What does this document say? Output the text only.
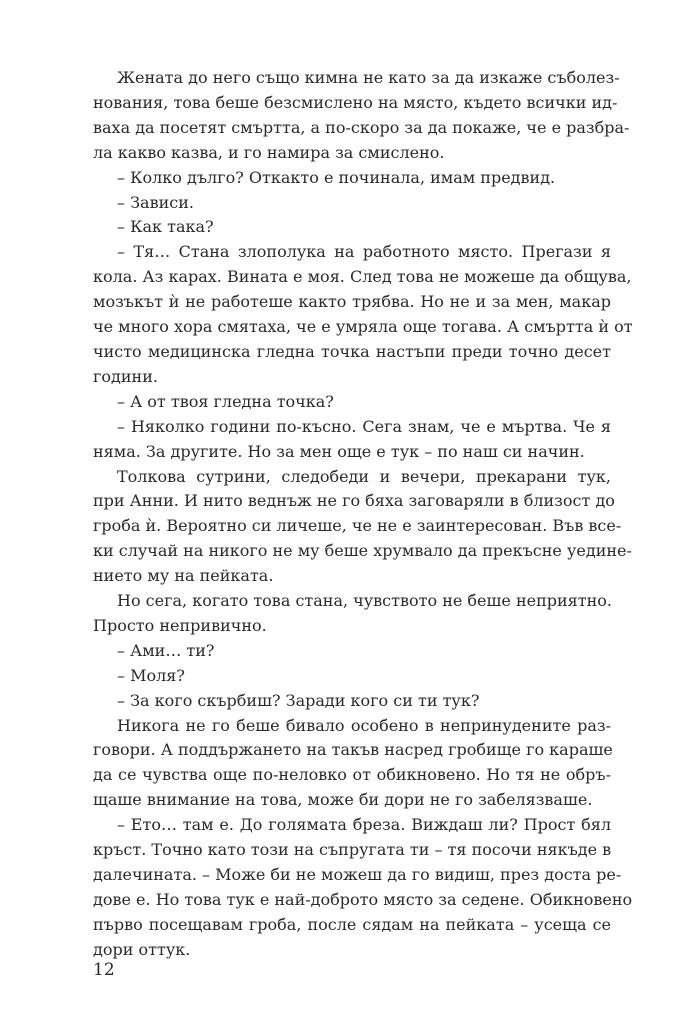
Жената до него също кимна не като за да изкаже съболез-
нования, това беше безсмислено на място, където всички ид-
ваха да посетят смъртта, а по-скоро за да покаже, че е разбра-
ла какво казва, и го намира за смислено.
– Колко дълго? Откакто е починала, имам предвид.
– Зависи.
– Как така?
– Тя… Стана злополука на работното място. Прегази я
кола. Аз карах. Вината е моя. След това не можеше да общува,
мозъкът ѝ не работеше както трябва. Но не и за мен, макар
че много хора смятаха, че е умряла още тогава. А смъртта ѝ от
чисто медицинска гледна точка настъпи преди точно десет
години.
– А от твоя гледна точка?
– Няколко години по-късно. Сега знам, че е мъртва. Че я
няма. За другите. Но за мен още е тук – по наш си начин.
Толкова сутрини, следобеди и вечери, прекарани тук,
при Анни. И нито веднъж не го бяха заговаряли в близост до
гроба ѝ. Вероятно си личеше, че не е заинтересован. Във все-
ки случай на никого не му беше хрумвало да прекъсне уедине-
нието му на пейката.
Но сега, когато това стана, чувството не беше неприятно.
Просто непривично.
– Ами… ти?
– Моля?
– За кого скърбиш? Заради кого си ти тук?
Никога не го беше бивало особено в непринудените раз-
говори. А поддържането на такъв насред гробище го караше
да се чувства още по-неловко от обикновено. Но тя не обръ-
щаше внимание на това, може би дори не го забелязваше.
– Ето… там е. До голямата бреза. Виждаш ли? Прост бял
кръст. Точно като този на съпругата ти – тя посочи някъде в
далечината. – Може би не можеш да го видиш, през доста ре-
дове е. Но това тук е най-доброто място за седене. Обикновено
първо посещавам гроба, после сядам на пейката – усеща се
дори оттук.
12
